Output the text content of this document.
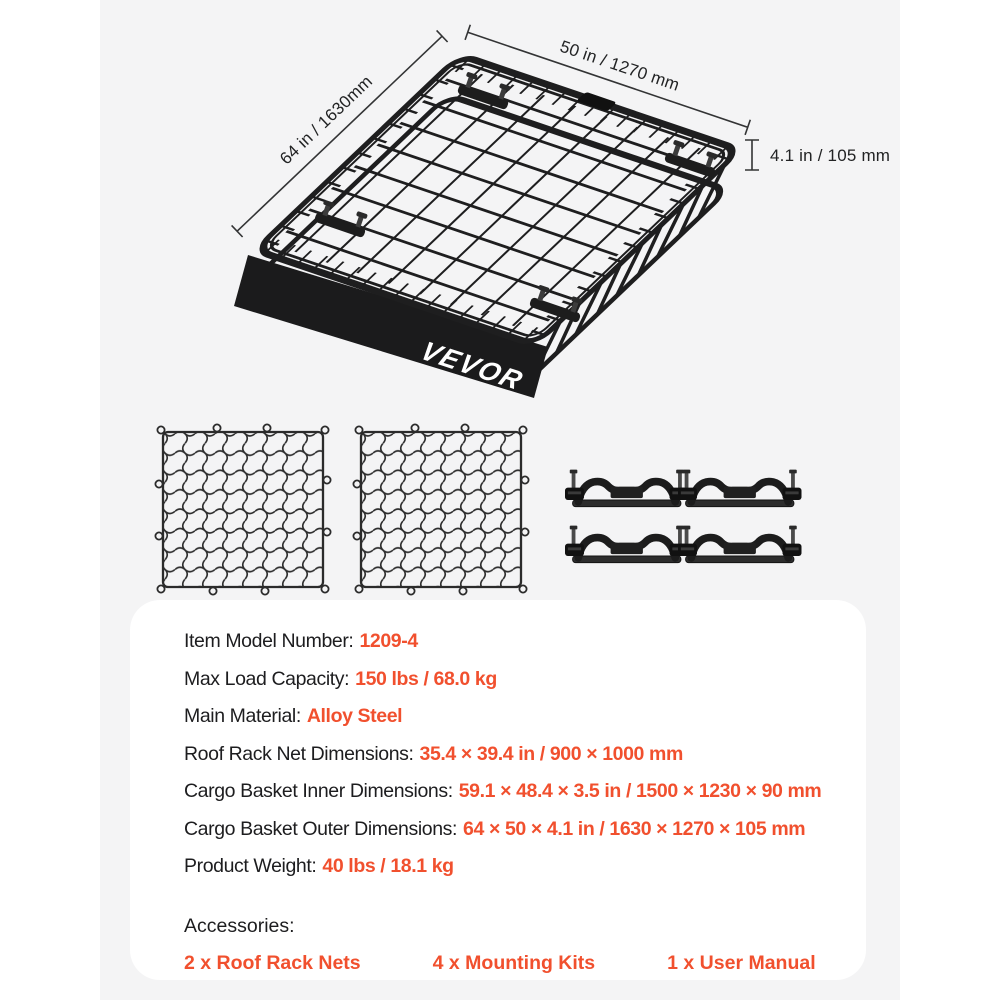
VEVOR
50 in / 1270 mm
64 in / 1630mm	4.1 in / 105 mm
Item Model Number: 1209-4
Max Load Capacity: 150 lbs / 68.0 kg
Main Material: Alloy Steel
Roof Rack Net Dimensions: 35.4 × 39.4 in / 900 × 1000 mm
Cargo Basket Inner Dimensions: 59.1 × 48.4 × 3.5 in / 1500 × 1230 × 90 mm
Cargo Basket Outer Dimensions: 64 × 50 × 4.1 in / 1630 × 1270 × 105 mm
Product Weight: 40 lbs / 18.1 kg
Accessories:
2 x Roof Rack Nets	4 x Mounting Kits	1 x User Manual
